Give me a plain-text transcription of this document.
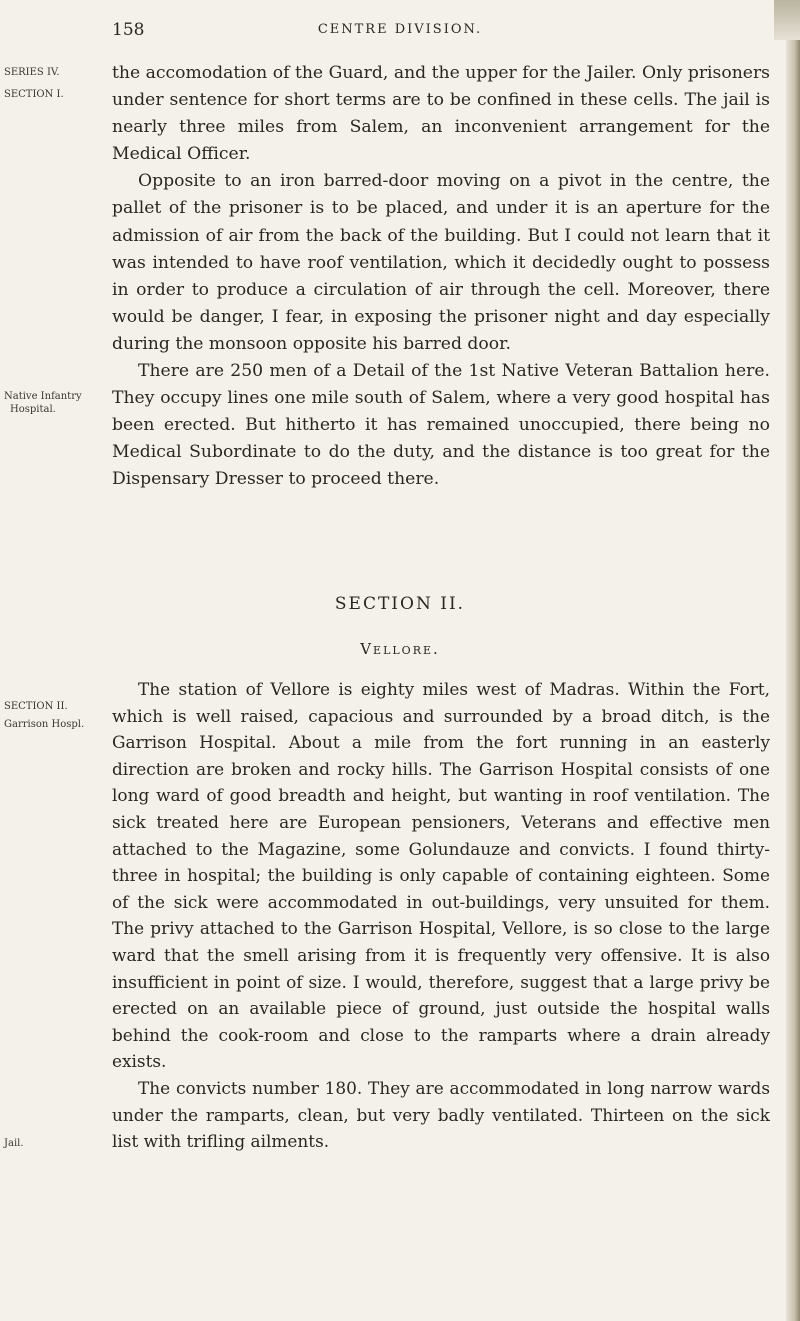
158	CENTRE DIVISION.
SERIES IV.
SECTION I.
Native Infantry
Hospital.
SECTION II.
Garrison Hospl.
Jail.

the accomodation of the Guard, and the upper for the Jailer. Only prisoners under sentence for short terms are to be confined in these cells. The jail is nearly three miles from Salem, an inconvenient arrangement for the Medical Officer.

Opposite to an iron barred-door moving on a pivot in the centre, the pallet of the prisoner is to be placed, and under it is an aperture for the admission of air from the back of the building. But I could not learn that it was intended to have roof ventilation, which it decidedly ought to possess in order to produce a circulation of air through the cell. Moreover, there would be danger, I fear, in exposing the prisoner night and day especially during the monsoon opposite his barred door.

There are 250 men of a Detail of the 1st Native Veteran Battalion here. They occupy lines one mile south of Salem, where a very good hospital has been erected. But hitherto it has remained unoccupied, there being no Medical Subordinate to do the duty, and the distance is too great for the Dispensary Dresser to proceed there.

SECTION II.
Vellore.

The station of Vellore is eighty miles west of Madras. Within the Fort, which is well raised, capacious and surrounded by a broad ditch, is the Garrison Hospital. About a mile from the fort running in an easterly direction are broken and rocky hills. The Garrison Hospital consists of one long ward of good breadth and height, but wanting in roof ventilation. The sick treated here are European pensioners, Veterans and effective men attached to the Magazine, some Golundauze and convicts. I found thirty-three in hospital; the building is only capable of containing eighteen. Some of the sick were accommodated in out-buildings, very unsuited for them. The privy attached to the Garrison Hospital, Vellore, is so close to the large ward that the smell arising from it is frequently very offensive. It is also insufficient in point of size. I would, therefore, suggest that a large privy be erected on an available piece of ground, just outside the hospital walls behind the cook-room and close to the ramparts where a drain already exists.

The convicts number 180. They are accommodated in long narrow wards under the ramparts, clean, but very badly ventilated. Thirteen on the sick list with trifling ailments.
